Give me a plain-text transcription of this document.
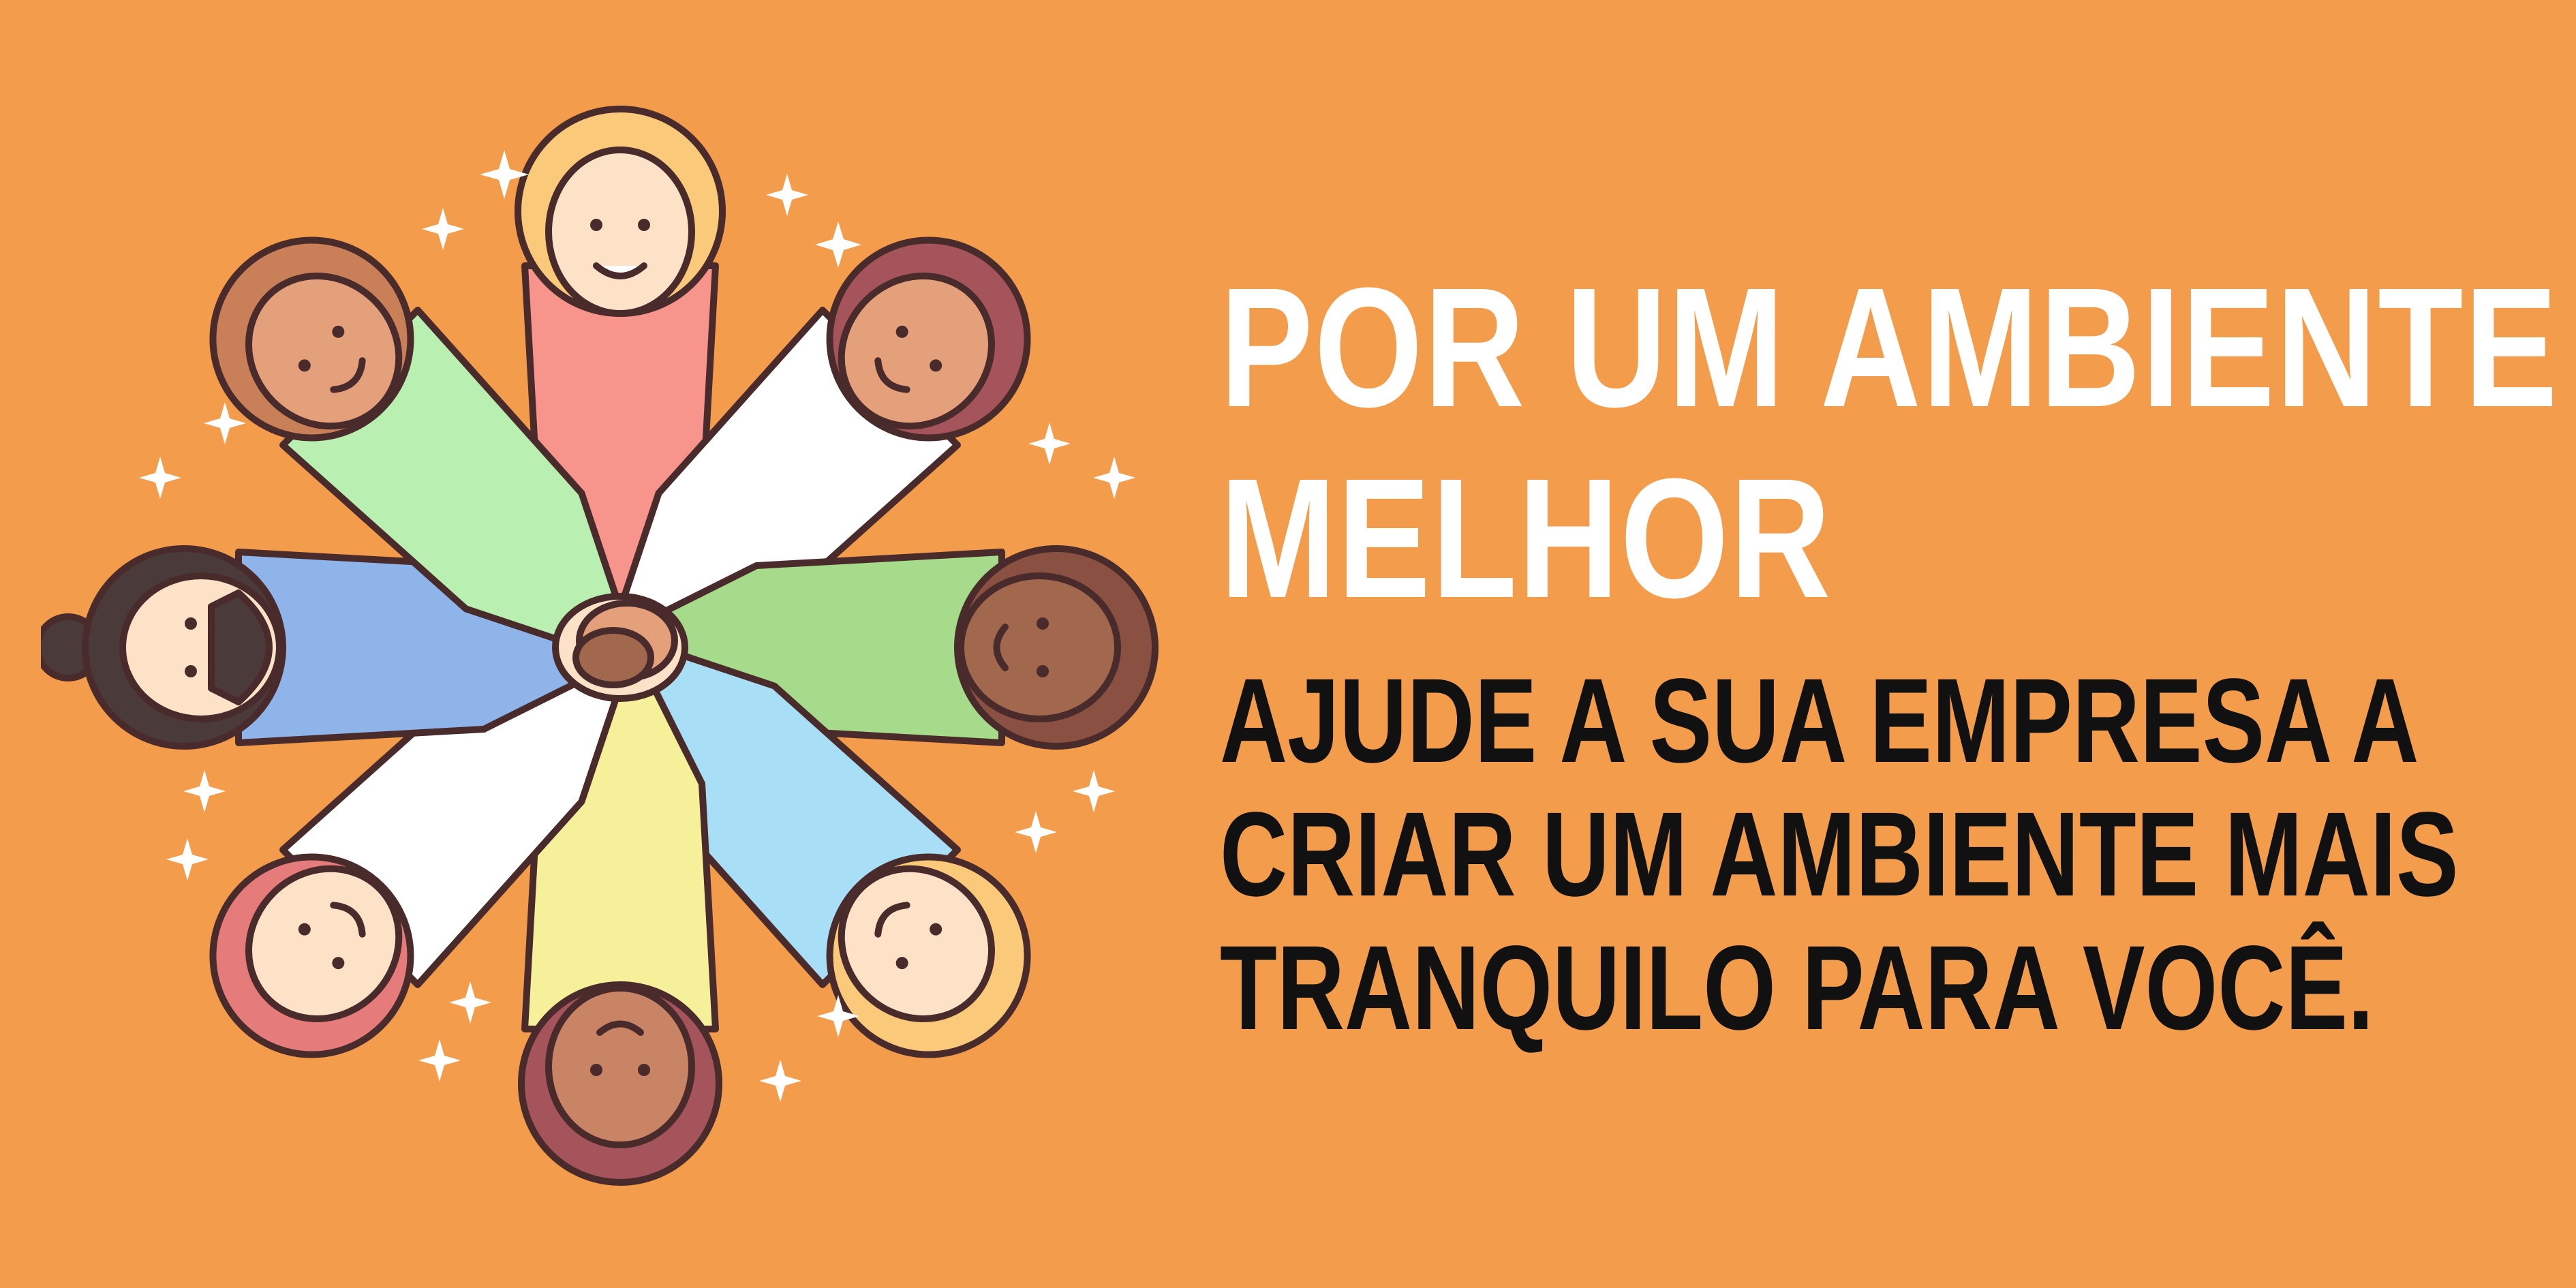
POR UM AMBIENTE
MELHOR

AJUDE A SUA EMPRESA A
CRIAR UM AMBIENTE MAIS
TRANQUILO PARA VOCÊ.
